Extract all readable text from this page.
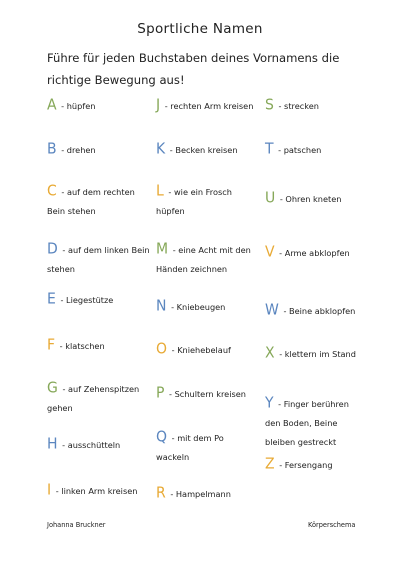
Sportliche Namen
Führe für jeden Buchstaben deines Vornamens die richtige Bewegung aus!
A - hüpfen
B - drehen
C - auf dem rechten Bein stehen
D - auf dem linken Bein stehen
E - Liegestütze
F - klatschen
G - auf Zehenspitzen gehen
H - ausschütteln
I - linken Arm kreisen
J - rechten Arm kreisen
K - Becken kreisen
L - wie ein Frosch hüpfen
M - eine Acht mit den Händen zeichnen
N - Kniebeugen
O - Kniehebelauf
P - Schultern kreisen
Q - mit dem Po wackeln
R - Hampelmann
S - strecken
T - patschen
U - Ohren kneten
V - Arme abklopfen
W - Beine abklopfen
X - klettern im Stand
Y - Finger berühren den Boden, Beine bleiben gestreckt
Z - Fersengang
Johanna Bruckner	Körperschema
